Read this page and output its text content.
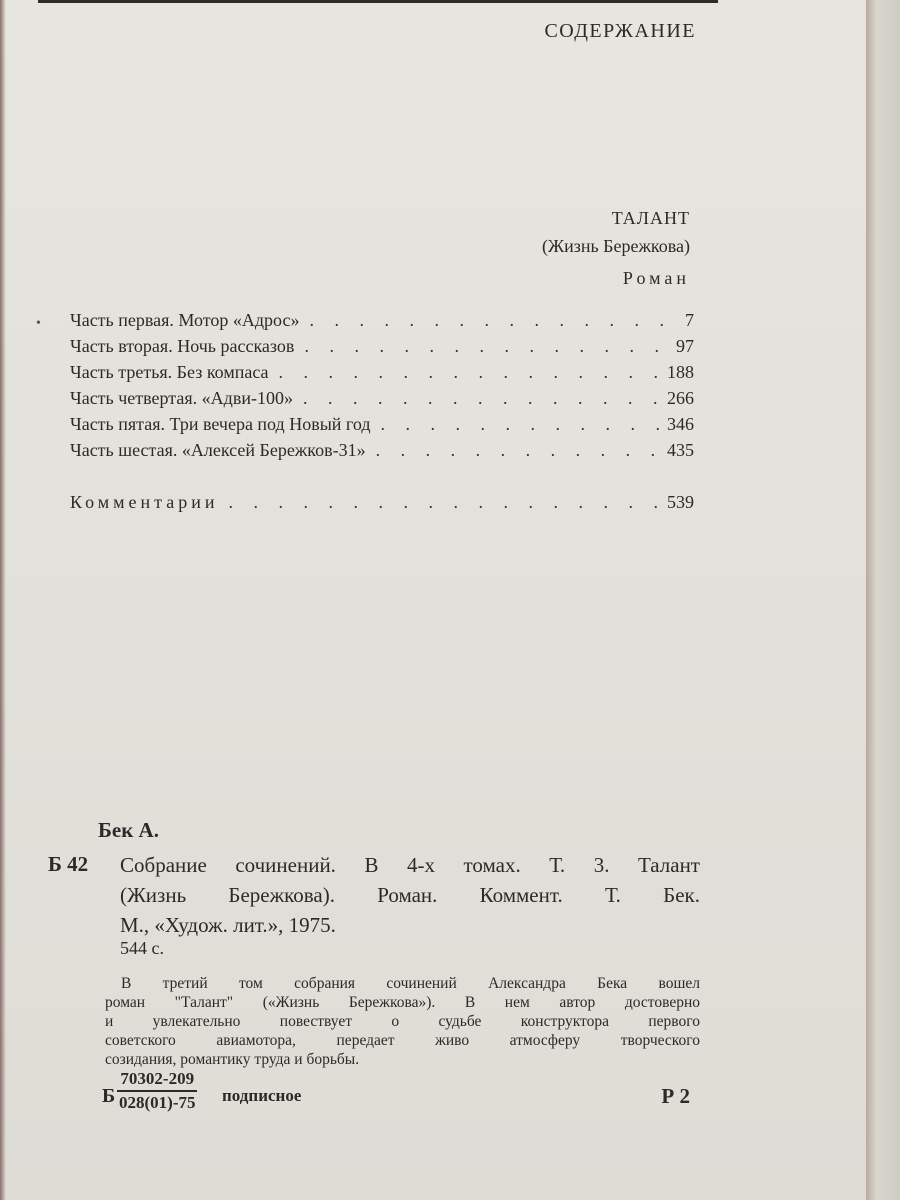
СОДЕРЖАНИЕ
ТАЛАНТ
(Жизнь Бережкова)
Роман
• Часть первая. Мотор «Адрос» . . .	7
Часть вторая. Ночь рассказов . . .	97
Часть третья. Без компаса . . .	188
Часть четвертая. «Адви-100» . . .	266
Часть пятая. Три вечера под Новый год . . .	346
Часть шестая. «Алексей Бережков-31» . . .	435
Комментарии . . .	539
Бек А.
Б 42 Собрание сочинений. В 4-х томах. Т. 3. Талант
(Жизнь Бережкова). Роман. Коммент. Т. Бек.
М., «Худож. лит.», 1975.
544 с.
В третий том собрания сочинений Александра Бека вошел
роман "Талант" («Жизнь Бережкова»). В нем автор достоверно
и увлекательно повествует о судьбе конструктора первого
советского авиамотора, передает живо атмосферу творческого
созидания, романтику труда и борьбы.
Б $\frac{70302-209}{028(01)-75}$ подписное	Р 2
